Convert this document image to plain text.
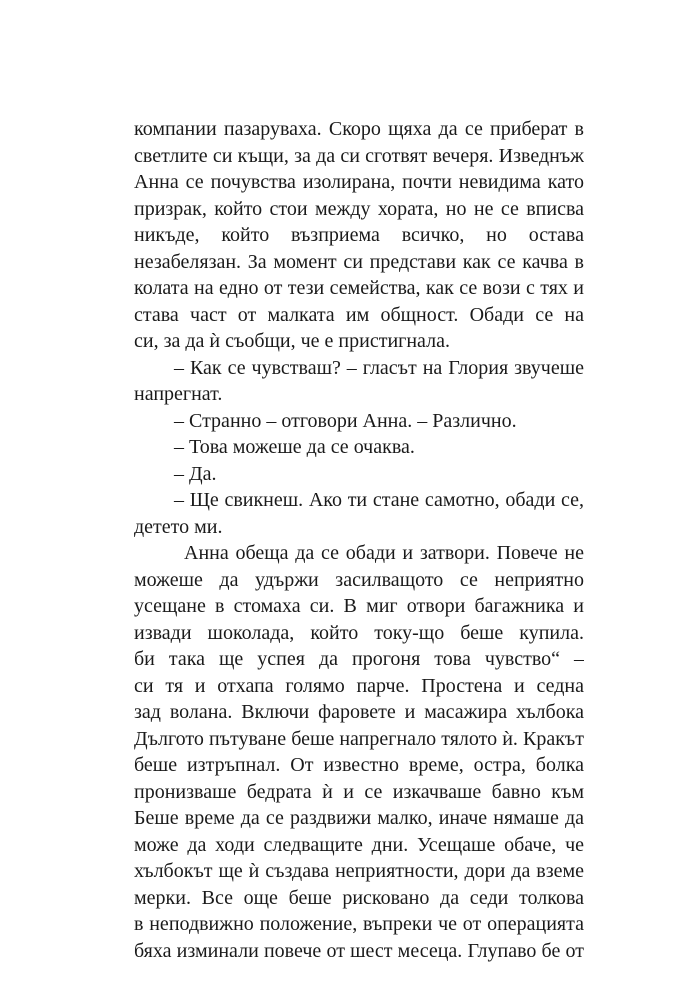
компании пазаруваха. Скоро щяха да се приберат в
светлите си къщи, за да си сготвят вечеря. Изведнъж
Анна се почувства изолирана, почти невидима като
призрак, който стои между хората, но не се вписва
никъде, който възприема всичко, но остава
незабелязан. За момент си представи как се качва в
колата на едно от тези семейства, как се вози с тях и
става част от малката им общност. Обади се на
си, за да ѝ съобщи, че е пристигнала.
– Как се чувстваш? – гласът на Глория звучеше
напрегнат.
– Странно – отговори Анна. – Различно.
– Това можеше да се очаква.
– Да.
– Ще свикнеш. Ако ти стане самотно, обади се,
детето ми.
Анна обеща да се обади и затвори. Повече не
можеше да удържи засилващото се неприятно
усещане в стомаха си. В миг отвори багажника и
извади шоколада, който току-що беше купила.
би така ще успея да прогоня това чувство“ –
си тя и отхапа голямо парче. Простена и седна
зад волана. Включи фаровете и масажира хълбока
Дългото пътуване беше напрегнало тялото ѝ. Кракът
беше изтръпнал. От известно време, остра, болка
пронизваше бедрата ѝ и се изкачваше бавно към
Беше време да се раздвижи малко, иначе нямаше да
може да ходи следващите дни. Усещаше обаче, че
хълбокът ще ѝ създава неприятности, дори да вземе
мерки. Все още беше рисковано да седи толкова
в неподвижно положение, въпреки че от операцията
бяха изминали повече от шест месеца. Глупаво бе от
